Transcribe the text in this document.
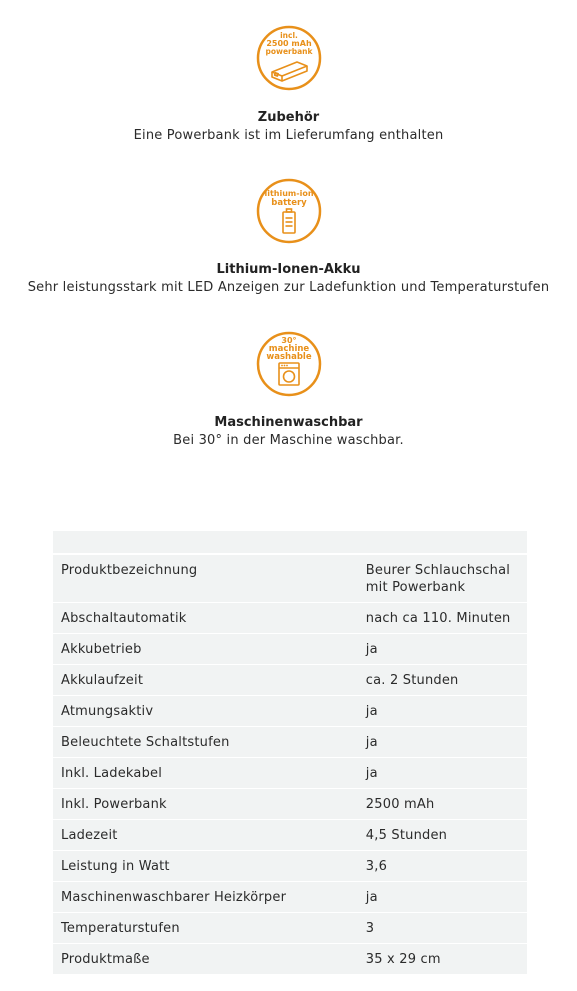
incl.
2500 mAh
powerbank
Zubehör
Eine Powerbank ist im Lieferumfang enthalten
lithium-ion
battery
Lithium-Ionen-Akku
Sehr leistungsstark mit LED Anzeigen zur Ladefunktion und Temperaturstufen
30°
machine
washable
Maschinenwaschbar
Bei 30° in der Maschine waschbar.
Produktbezeichnung	Beurer Schlauchschal mit Powerbank
Abschaltautomatik	nach ca 110. Minuten
Akkubetrieb	ja
Akkulaufzeit	ca. 2 Stunden
Atmungsaktiv	ja
Beleuchtete Schaltstufen	ja
Inkl. Ladekabel	ja
Inkl. Powerbank	2500 mAh
Ladezeit	4,5 Stunden
Leistung in Watt	3,6
Maschinenwaschbarer Heizkörper	ja
Temperaturstufen	3
Produktmaße	35 x 29 cm
